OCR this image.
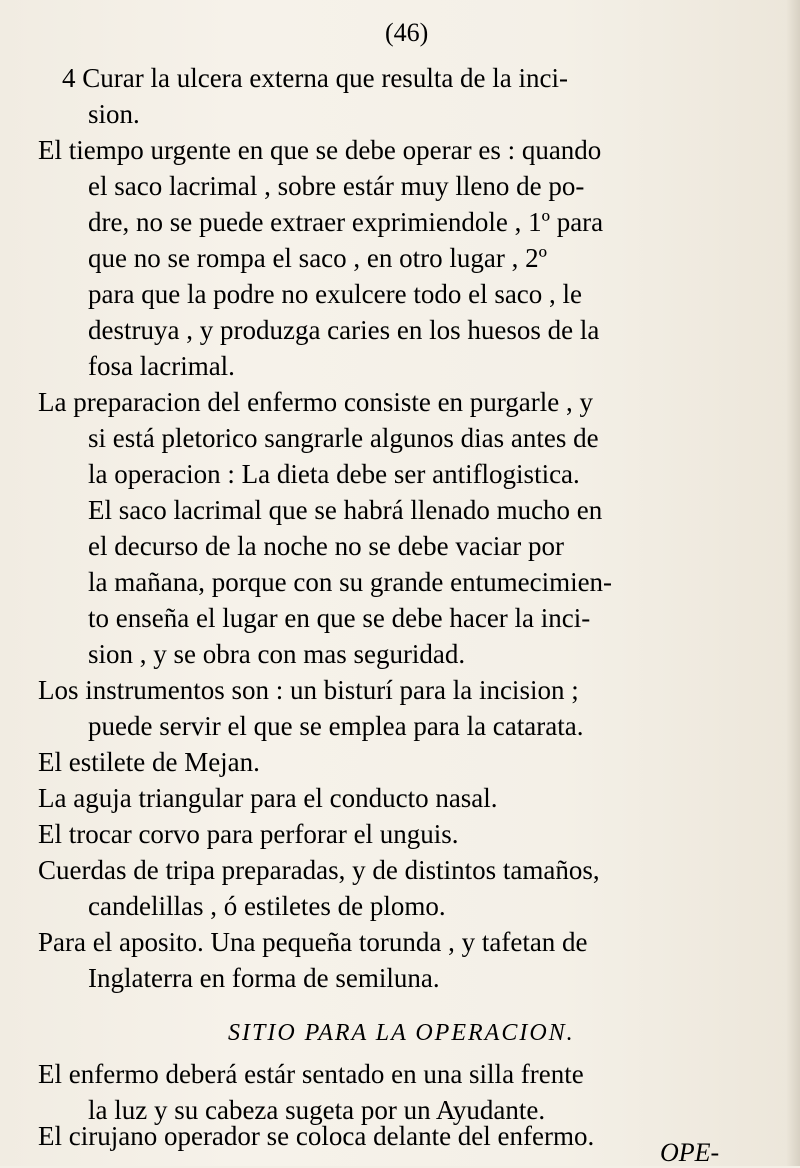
(46)
4 Curar la ulcera externa que resulta de la inci-
sion.
El tiempo urgente en que se debe operar es : quando
el saco lacrimal , sobre estár muy lleno de po-
dre, no se puede extraer exprimiendole , 1º para
que no se rompa el saco , en otro lugar , 2º
para que la podre no exulcere todo el saco , le
destruya , y produzga caries en los huesos de la
fosa lacrimal.
La preparacion del enfermo consiste en purgarle , y
si está pletorico sangrarle algunos dias antes de
la operacion : La dieta debe ser antiflogistica.
El saco lacrimal que se habrá llenado mucho en
el decurso de la noche no se debe vaciar por
la mañana, porque con su grande entumecimien-
to enseña el lugar en que se debe hacer la inci-
sion , y se obra con mas seguridad.
Los instrumentos son : un bisturí para la incision ;
puede servir el que se emplea para la catarata.
El estilete de Mejan.
La aguja triangular para el conducto nasal.
El trocar corvo para perforar el unguis.
Cuerdas de tripa preparadas, y de distintos tamaños,
candelillas , ó estiletes de plomo.
Para el aposito. Una pequeña torunda , y tafetan de
Inglaterra en forma de semiluna.
SITIO PARA LA OPERACION.
El enfermo deberá estár sentado en una silla frente
la luz y su cabeza sugeta por un Ayudante.
El cirujano operador se coloca delante del enfermo.
OPE-
